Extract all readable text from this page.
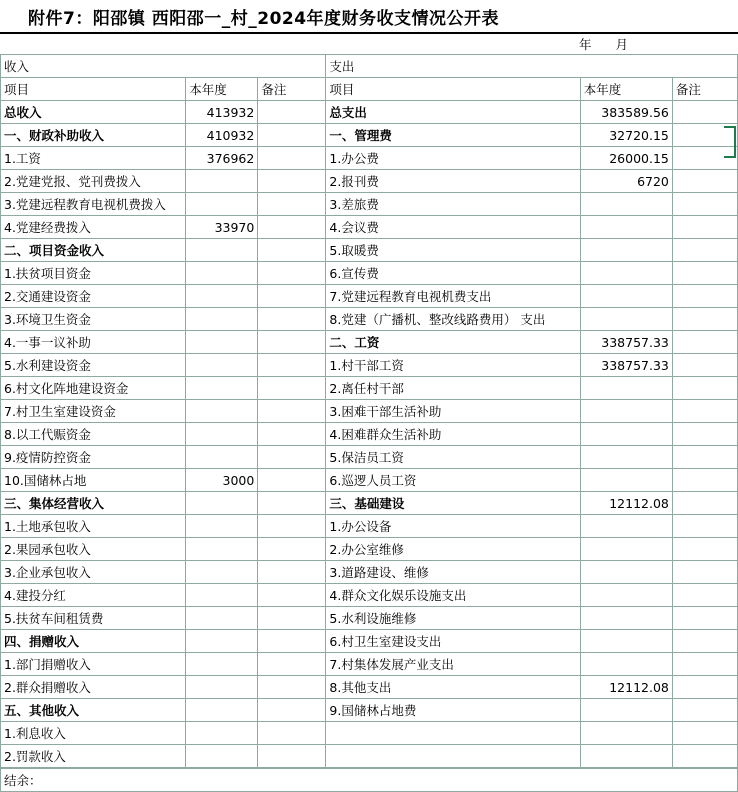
附件7：阳邵镇 西阳邵一_村_2024年度财务收支情况公开表
年 月
收入			支出		
项目	本年度	备注	项目	本年度	备注
总收入	413932		总支出	383589.56	
一、财政补助收入	410932		一、管理费	32720.15	
1.工资	376962		1.办公费	26000.15	
2.党建党报、党刊费拨入			2.报刊费	6720	
3.党建远程教育电视机费拨入			3.差旅费		
4.党建经费拨入	33970		4.会议费		
二、项目资金收入			5.取暖费		
1.扶贫项目资金			6.宣传费		
2.交通建设资金			7.党建远程教育电视机费支出		
3.环境卫生资金			8.党建（广播机、整改线路费用） 支出		
4.一事一议补助			二、工资	338757.33	
5.水利建设资金			1.村干部工资	338757.33	
6.村文化阵地建设资金			2.离任村干部		
7.村卫生室建设资金			3.困难干部生活补助		
8.以工代赈资金			4.困难群众生活补助		
9.疫情防控资金			5.保洁员工资		
10.国储林占地	3000		6.巡逻人员工资		
三、集体经营收入			三、基础建设	12112.08	
1.土地承包收入			1.办公设备		
2.果园承包收入			2.办公室维修		
3.企业承包收入			3.道路建设、维修		
4.建投分红			4.群众文化娱乐设施支出		
5.扶贫车间租赁费			5.水利设施维修		
四、捐赠收入			6.村卫生室建设支出		
1.部门捐赠收入			7.村集体发展产业支出		
2.群众捐赠收入			8.其他支出	12112.08	
五、其他收入			9.国储林占地费		
1.利息收入					
2.罚款收入					
结余：
